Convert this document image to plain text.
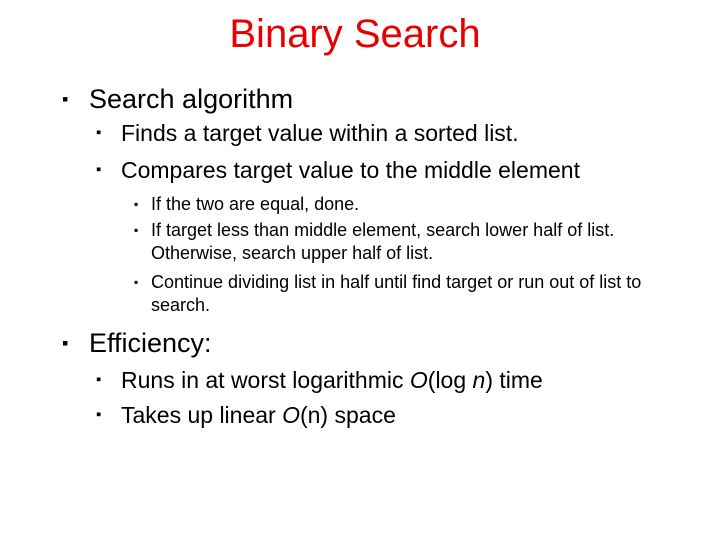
Binary Search
▪ Search algorithm
▪ Finds a target value within a sorted list.
▪ Compares target value to the middle element
▪ If the two are equal, done.
▪ If target less than middle element, search lower half of list. Otherwise, search upper half of list.
▪ Continue dividing list in half until find target or run out of list to search.
▪ Efficiency:
▪ Runs in at worst logarithmic O(log n) time
▪ Takes up linear O(n) space
